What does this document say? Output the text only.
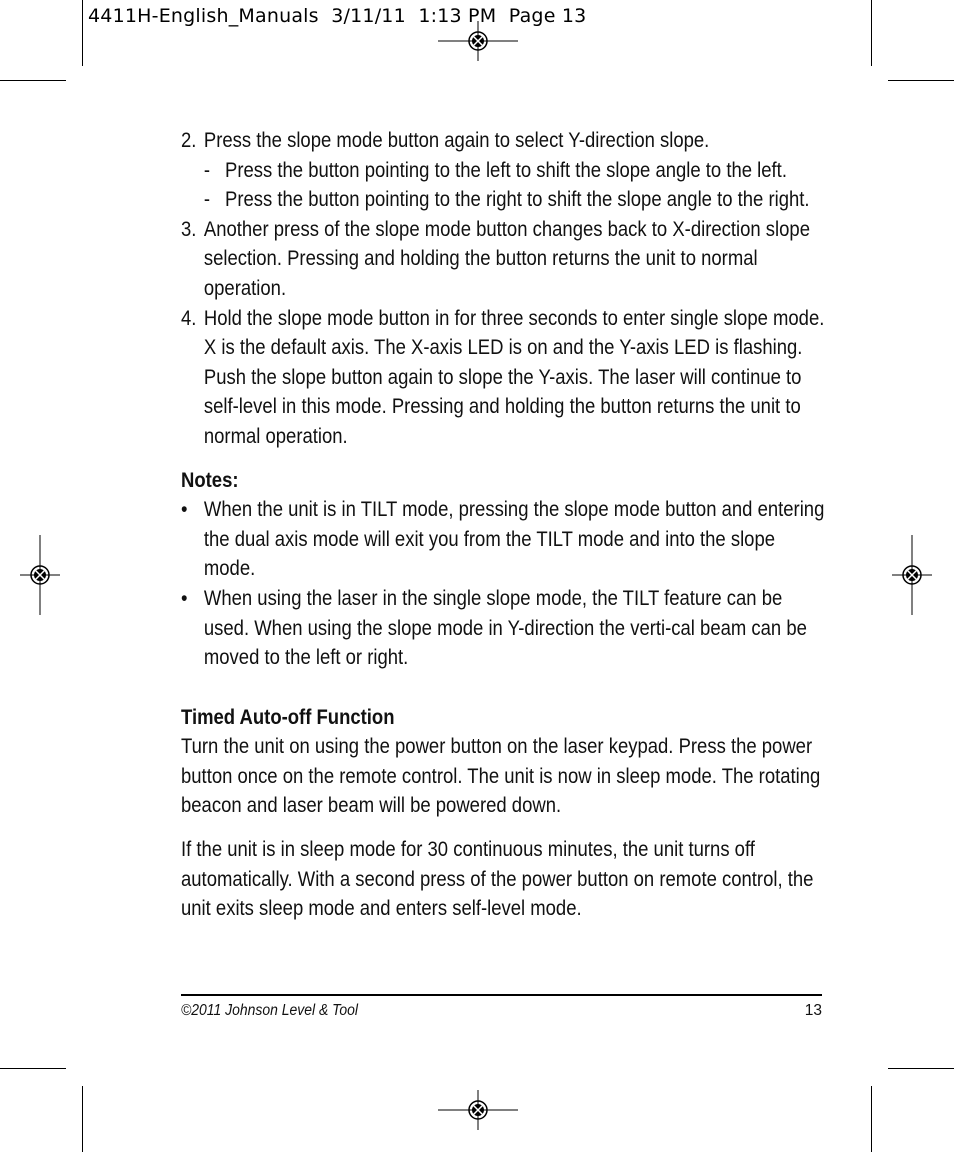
4411H-English_Manuals  3/11/11  1:13 PM  Page 13
2. Press the slope mode button again to select Y-direction slope.
- Press the button pointing to the left to shift the slope angle to the left.
- Press the button pointing to the right to shift the slope angle to the right.
3. Another press of the slope mode button changes back to X-direction slope selection. Pressing and holding the button returns the unit to normal operation.
4. Hold the slope mode button in for three seconds to enter single slope mode. X is the default axis. The X-axis LED is on and the Y-axis LED is flashing. Push the slope button again to slope the Y-axis. The laser will continue to self-level in this mode. Pressing and holding the button returns the unit to normal operation.
Notes:
• When the unit is in TILT mode, pressing the slope mode button and entering the dual axis mode will exit you from the TILT mode and into the slope mode.
• When using the laser in the single slope mode, the TILT feature can be used. When using the slope mode in Y-direction the verti-cal beam can be moved to the left or right.
Timed Auto-off Function
Turn the unit on using the power button on the laser keypad. Press the power button once on the remote control. The unit is now in sleep mode. The rotating beacon and laser beam will be powered down.
If the unit is in sleep mode for 30 continuous minutes, the unit turns off automatically. With a second press of the power button on remote control, the unit exits sleep mode and enters self-level mode.
©2011 Johnson Level & Tool	13
